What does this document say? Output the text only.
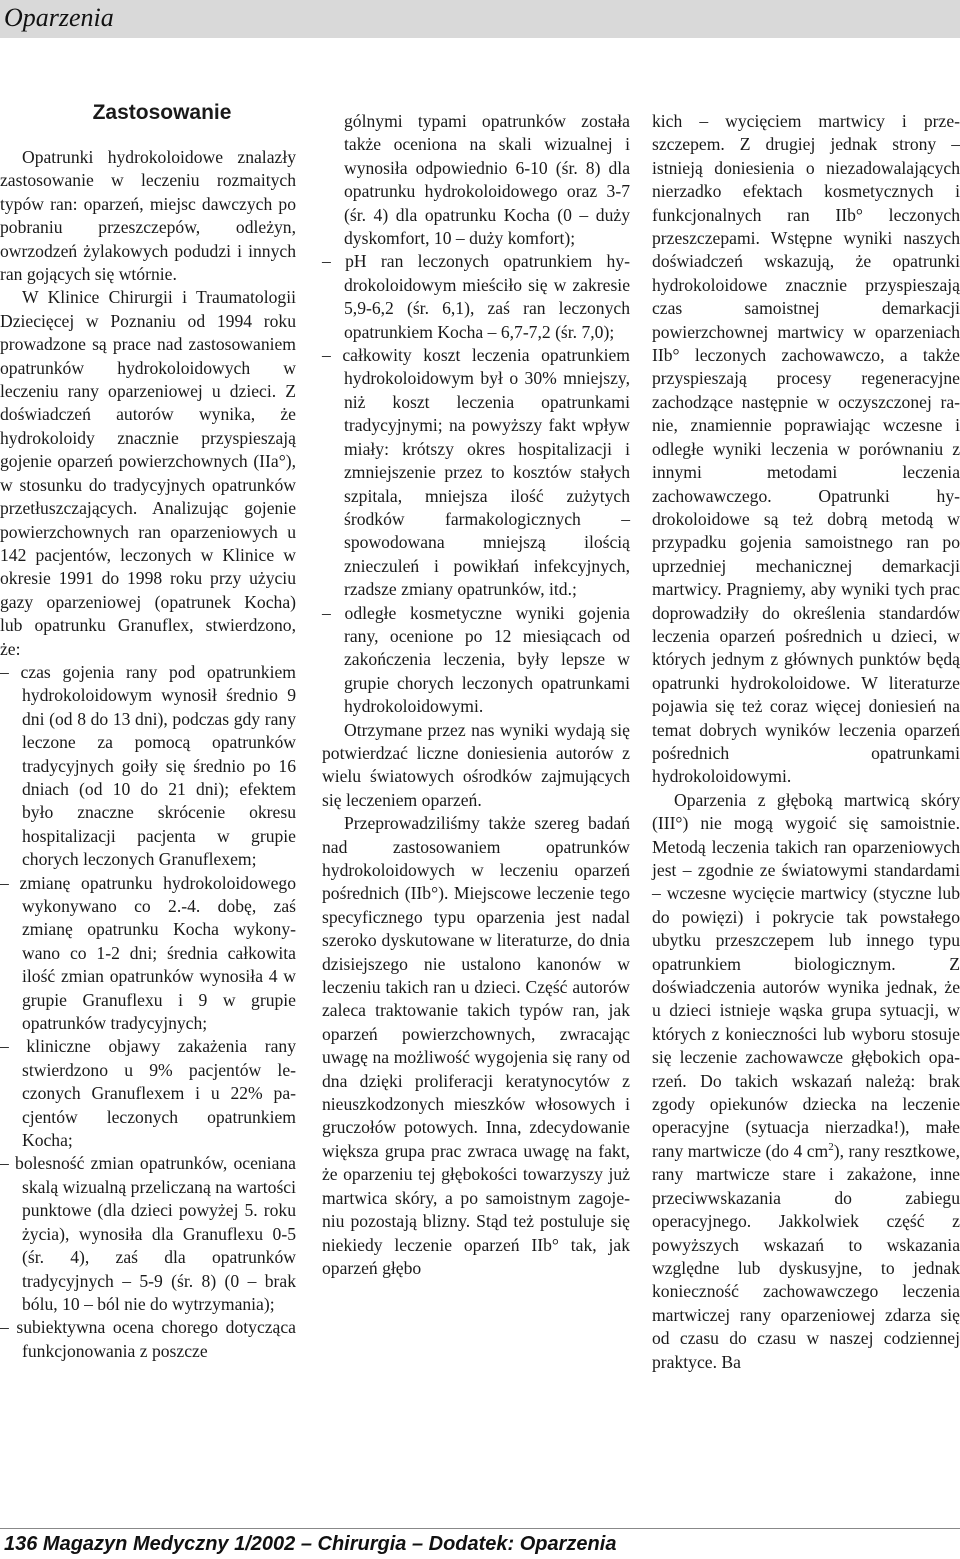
Oparzenia
Zastosowanie

Opatrunki hydrokoloidowe znalazły zastosowanie w leczeniu rozmaitych typów ran: oparzeń, miejsc dawczych po pobraniu przeszczepów, odleżyn, owrzodzeń żylakowych podudzi i innych ran gojących się wtórnie.

W Klinice Chirurgii i Traumatologii Dziecięcej w Poznaniu od 1994 roku prowadzone są prace nad zastosowaniem opatrunków hydrokoloidowych w leczeniu rany oparzeniowej u dzieci. Z doświadczeń autorów wynika, że hydrokoloidy znacznie przyspieszają gojenie oparzeń powierzchownych (IIa°), w stosunku do tradycyjnych opatrunków przetłuszczających. Analizując gojenie powierzchownych ran oparzeniowych u 142 pacjentów, leczonych w Klinice w okresie 1991 do 1998 roku przy użyciu gazy oparzeniowej (opatrunek Kocha) lub opatrunku Granuflex, stwierdzono, że:

– czas gojenia rany pod opatrunkiem hydrokoloidowym wynosił średnio 9 dni (od 8 do 13 dni), podczas gdy rany leczone za pomocą opatrunków tradycyjnych goiły się średnio po 16 dniach (od 10 do 21 dni); efektem było znaczne skrócenie okresu hospitalizacji pacjenta w grupie chorych leczonych Granuflexem;
– zmianę opatrunku hydrokoloidowego wykonywano co 2.-4. dobę, zaś zmianę opatrunku Kocha wykonywano co 1-2 dni; średnia całkowita ilość zmian opatrunków wynosiła 4 w grupie Granuflexu i 9 w grupie opatrunków tradycyjnych;
– kliniczne objawy zakażenia rany stwierdzono u 9% pacjentów leczonych Granuflexem i u 22% pacjentów leczonych opatrunkiem Kocha;
– bolesność zmian opatrunków, oceniana skalą wizualną przeliczaną na wartości punktowe (dla dzieci powyżej 5. roku życia), wynosiła dla Granuflexu 0-5 (śr. 4), zaś dla opatrunków tradycyjnych – 5-9 (śr. 8) (0 – brak bólu, 10 – ból nie do wytrzymania);
– subiektywna ocena chorego dotycząca funkcjonowania z poszcze

gólnymi typami opatrunków została także oceniona na skali wizualnej i wynosiła odpowiednio 6-10 (śr. 8) dla opatrunku hydrokoloidowego oraz 3-7 (śr. 4) dla opatrunku Kocha (0 – duży dyskomfort, 10 – duży komfort);

– pH ran leczonych opatrunkiem hydrokoloidowym mieściło się w zakresie 5,9-6,2 (śr. 6,1), zaś ran leczonych opatrunkiem Kocha – 6,7-7,2 (śr. 7,0);
– całkowity koszt leczenia opatrunkiem hydrokoloidowym był o 30% mniejszy, niż koszt leczenia opatrunkami tradycyjnymi; na powyższy fakt wpływ miały: krótszy okres hospitalizacji i zmniejszenie przez to kosztów stałych szpitala, mniejsza ilość zużytych środków farmakologicznych – spowodowana mniejszą ilością znieczuleń i powikłań infekcyjnych, rzadsze zmiany opatrunków, itd.;
– odległe kosmetyczne wyniki gojenia rany, ocenione po 12 miesiącach od zakończenia leczenia, były lepsze w grupie chorych leczonych opatrunkami hydrokoloidowymi.

Otrzymane przez nas wyniki wydają się potwierdzać liczne doniesienia autorów z wielu światowych ośrodków zajmujących się leczeniem oparzeń.

Przeprowadziliśmy także szereg badań nad zastosowaniem opatrunków hydrokoloidowych w leczeniu oparzeń pośrednich (IIb°). Miejscowe leczenie tego specyficznego typu oparzenia jest nadal szeroko dyskutowane w literaturze, do dnia dzisiejszego nie ustalono kanonów w leczeniu takich ran u dzieci. Część autorów zaleca traktowanie takich typów ran, jak oparzeń powierzchownych, zwracając uwagę na możliwość wygojenia się rany od dna dzięki proliferacji keratynocytów z nieuszkodzonych mieszków włosowych i gruczołów potowych. Inna, zdecydowanie większa grupa prac zwraca uwagę na fakt, że oparzeniu tej głębokości towarzyszy już martwica skóry, a po samoistnym zagojeniu pozostają blizny. Stąd też postuluje się niekiedy leczenie oparzeń IIb° tak, jak oparzeń głębo

kich – wycięciem martwicy i przeszczepem. Z drugiej jednak strony – istnieją doniesienia o niezadowalających nierzadko efektach kosmetycznych i funkcjonalnych ran IIb° leczonych przeszczepami. Wstępne wyniki naszych doświadczeń wskazują, że opatrunki hydrokoloidowe znacznie przyspieszają czas samoistnej demarkacji powierzchownej martwicy w oparzeniach IIb° leczonych zachowawczo, a także przyspieszają procesy regeneracyjne zachodzące następnie w oczyszczonej ranie, znamiennie poprawiając wczesne i odległe wyniki leczenia w porównaniu z innymi metodami leczenia zachowawczego. Opatrunki hydrokoloidowe są też dobrą metodą w przypadku gojenia samoistnego ran po uprzedniej mechanicznej demarkacji martwicy. Pragniemy, aby wyniki tych prac doprowadziły do określenia standardów leczenia oparzeń pośrednich u dzieci, w których jednym z głównych punktów będą opatrunki hydrokoloidowe. W literaturze pojawia się też coraz więcej doniesień na temat dobrych wyników leczenia oparzeń pośrednich opatrunkami hydrokoloidowymi.

Oparzenia z głęboką martwicą skóry (III°) nie mogą wygoić się samoistnie. Metodą leczenia takich ran oparzeniowych jest – zgodnie ze światowymi standardami – wczesne wycięcie martwicy (styczne lub do powięzi) i pokrycie tak powstałego ubytku przeszczepem lub innego typu opatrunkiem biologicznym. Z doświadczenia autorów wynika jednak, że u dzieci istnieje wąska grupa sytuacji, w których z konieczności lub wyboru stosuje się leczenie zachowawcze głębokich oparzeń. Do takich wskazań należą: brak zgody opiekunów dziecka na leczenie operacyjne (sytuacja nierzadka!), małe rany martwicze (do 4 $cm^2$), rany resztkowe, rany martwicze stare i zakażone, inne przeciwwskazania do zabiegu operacyjnego. Jakkolwiek część z powyższych wskazań to wskazania względne lub dyskusyjne, to jednak konieczność zachowawczego leczenia martwiczej rany oparzeniowej zdarza się od czasu do czasu w naszej codziennej praktyce. Ba

136 Magazyn Medyczny 1/2002 – Chirurgia – Dodatek: Oparzenia
